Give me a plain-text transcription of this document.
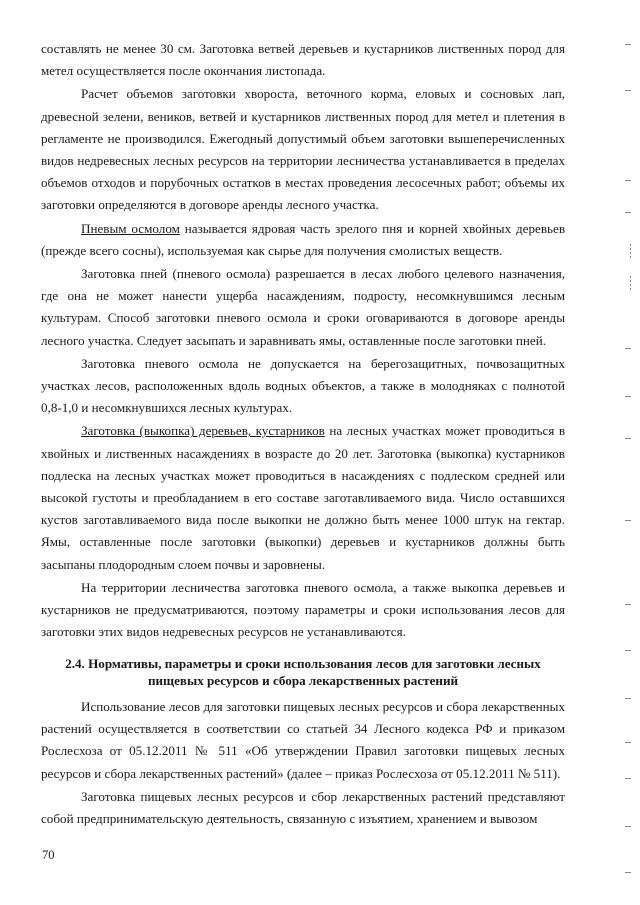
составлять не менее 30 см. Заготовка ветвей деревьев и кустарников лиственных пород для метел осуществляется после окончания листопада.

Расчет объемов заготовки хвороста, веточного корма, еловых и сосновых лап, древесной зелени, веников, ветвей и кустарников лиственных пород для метел и плетения в регламенте не производился. Ежегодный допустимый объем заготовки вышеперечисленных видов недревесных лесных ресурсов на территории лесничества устанавливается в пределах объемов отходов и порубочных остатков в местах проведения лесосечных работ; объемы их заготовки определяются в договоре аренды лесного участка.

Пневым осмолом называется ядровая часть зрелого пня и корней хвойных деревьев (прежде всего сосны), используемая как сырье для получения смолистых веществ.

Заготовка пней (пневого осмола) разрешается в лесах любого целевого назначения, где она не может нанести ущерба насаждениям, подросту, несомкнувшимся лесным культурам. Способ заготовки пневого осмола и сроки оговариваются в договоре аренды лесного участка. Следует засыпать и заравнивать ямы, оставленные после заготовки пней.

Заготовка пневого осмола не допускается на берегозащитных, почвозащитных участках лесов, расположенных вдоль водных объектов, а также в молодняках с полнотой 0,8-1,0 и несомкнувшихся лесных культурах.

Заготовка (выкопка) деревьев, кустарников на лесных участках может проводиться в хвойных и лиственных насаждениях в возрасте до 20 лет. Заготовка (выкопка) кустарников подлеска на лесных участках может проводиться в насаждениях с подлеском средней или высокой густоты и преобладанием в его составе заготавливаемого вида. Число оставшихся кустов заготавливаемого вида после выкопки не должно быть менее 1000 штук на гектар. Ямы, оставленные после заготовки (выкопки) деревьев и кустарников должны быть засыпаны плодородным слоем почвы и заровнены.

На территории лесничества заготовка пневого осмола, а также выкопка деревьев и кустарников не предусматриваются, поэтому параметры и сроки использования лесов для заготовки этих видов недревесных ресурсов не устанавливаются.

2.4. Нормативы, параметры и сроки использования лесов для заготовки лесных
пищевых ресурсов и сбора лекарственных растений

Использование лесов для заготовки пищевых лесных ресурсов и сбора лекарственных растений осуществляется в соответствии со статьей 34 Лесного кодекса РФ и приказом Рослесхоза от 05.12.2011 № 511 «Об утверждении Правил заготовки пищевых лесных ресурсов и сбора лекарственных растений» (далее – приказ Рослесхоза от 05.12.2011 № 511).

Заготовка пищевых лесных ресурсов и сбор лекарственных растений представляют собой предпринимательскую деятельность, связанную с изъятием, хранением и вывозом

70
